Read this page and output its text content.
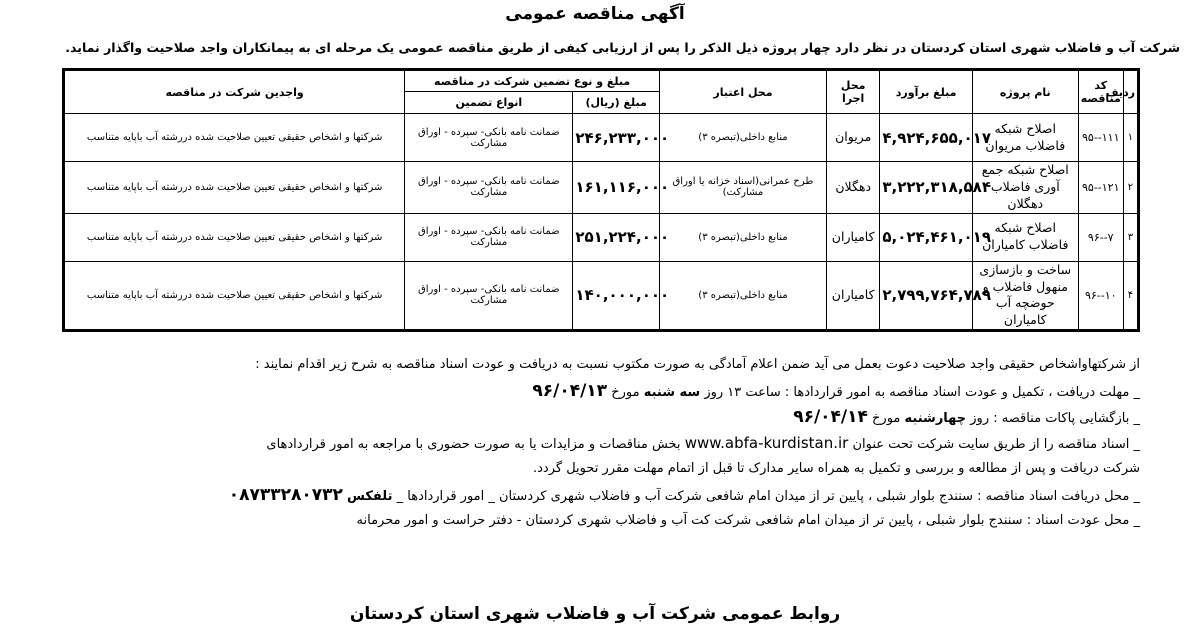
آگهی مناقصه عمومی
شرکت آب و فاضلاب شهری استان کردستان در نظر دارد چهار پروژه ذیل الذکر را پس از ارزیابی کیفی از طریق مناقصه عمومی یک مرحله ای به پیمانکاران واجد صلاحیت واگذار نماید.
ردیف	کد مناقصه	نام پروژه	مبلغ برآورد	محل اجرا	محل اعتبار	مبلغ و نوع تضمین شرکت در مناقصه		واجدین شرکت در مناقصه
						مبلغ (ریال)	انواع تضمین	
۱	۹۵--۱۱۱	اصلاح شبکه فاضلاب مریوان	۴,۹۲۴,۶۵۵,۰۱۷	مریوان	منابع داخلی(تبصره ۳)	۲۴۶,۲۳۳,۰۰۰	ضمانت نامه بانکی- سپرده - اوراق مشارکت	شرکتها و اشخاص حقیقی تعیین صلاحیت شده دررشته آب باپایه متناسب
۲	۹۵--۱۲۱	اصلاح شبکه جمع آوری فاضلاب دهگلان	۳,۲۲۲,۳۱۸,۵۸۴	دهگلان	طرح عمرانی(اسناد خزانه یا اوراق مشارکت)	۱۶۱,۱۱۶,۰۰۰	ضمانت نامه بانکی- سپرده - اوراق مشارکت	شرکتها و اشخاص حقیقی تعیین صلاحیت شده دررشته آب باپایه متناسب
۳	۹۶--۷	اصلاح شبکه فاضلاب کامیاران	۵,۰۲۴,۴۶۱,۰۱۹	کامیاران	منابع داخلی(تبصره ۳)	۲۵۱,۲۲۴,۰۰۰	ضمانت نامه بانکی- سپرده - اوراق مشارکت	شرکتها و اشخاص حقیقی تعیین صلاحیت شده دررشته آب باپایه متناسب
۴	۹۶--۱۰	ساخت و بازسازی منهول فاضلاب و حوضچه آب کامیاران	۲,۷۹۹,۷۶۴,۷۸۹	کامیاران	منابع داخلی(تبصره ۳)	۱۴۰,۰۰۰,۰۰۰	ضمانت نامه بانکی- سپرده - اوراق مشارکت	شرکتها و اشخاص حقیقی تعیین صلاحیت شده دررشته آب باپایه متناسب
از شرکتهاواشخاص حقیقی واجد صلاحیت دعوت بعمل می آید ضمن اعلام آمادگی به صورت مکتوب نسبت به دریافت و عودت اسناد مناقصه به شرح زیر اقدام نمایند :
_ مهلت دریافت ، تکمیل و عودت اسناد مناقصه به امور قراردادها : ساعت ۱۳ روز سه شنبه مورخ ۹۶/۰۴/۱۳
_ بازگشایی پاکات مناقصه : روز چهارشنبه مورخ ۹۶/۰۴/۱۴
_ اسناد مناقصه را از طریق سایت شرکت تحت عنوان www.abfa-kurdistan.ir بخش مناقصات و مزایدات یا به صورت حضوری با مراجعه به امور قراردادهای
شرکت دریافت و پس از مطالعه و بررسی و تکمیل به همراه سایر مدارک تا قبل از اتمام مهلت مقرر تحویل گردد.
_ محل دریافت اسناد مناقصه : سنندج بلوار شبلی ، پایین تر از میدان امام شافعی شرکت آب و فاضلاب شهری کردستان _ امور قراردادها _ تلفکس ۰۸۷۳۳۲۸۰۷۳۲
_ محل عودت اسناد : سنندج بلوار شبلی ، پایین تر از میدان امام شافعی شرکت کت آب و فاضلاب شهری کردستان - دفتر حراست و امور محرمانه
روابط عمومی شرکت آب و فاضلاب شهری استان کردستان
